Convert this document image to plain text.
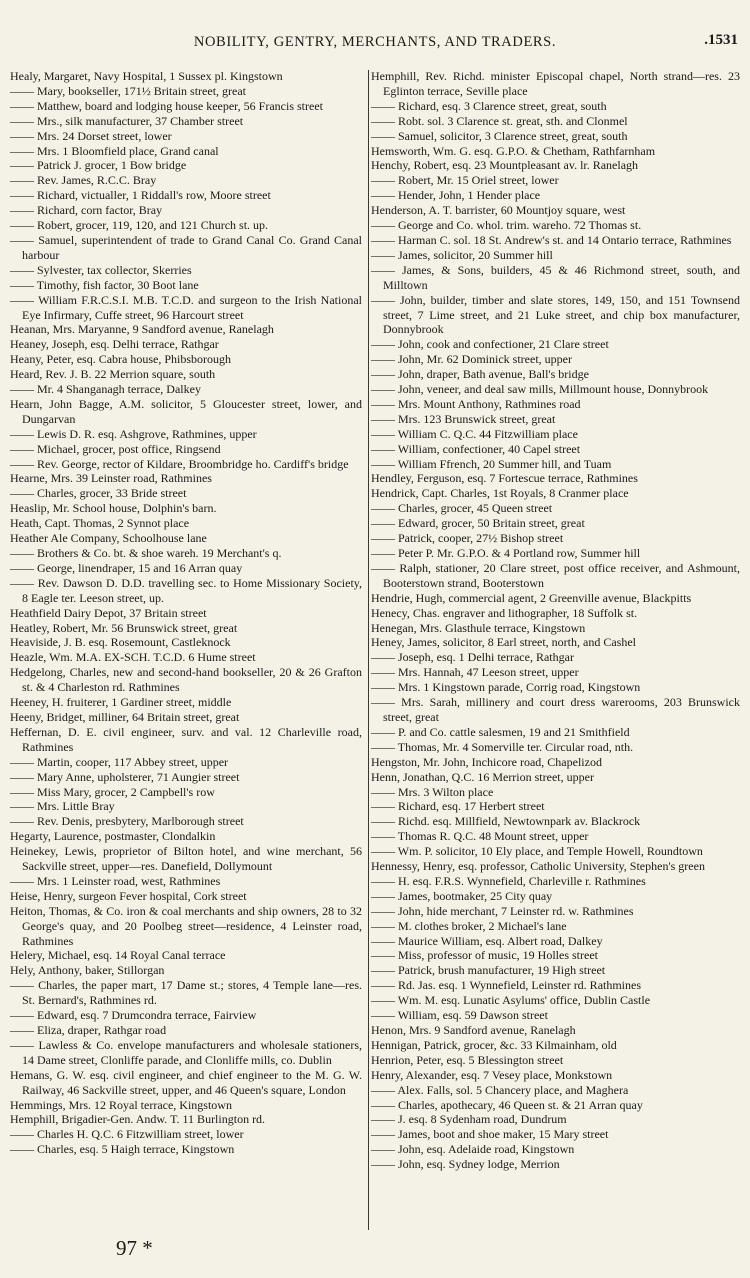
NOBILITY, GENTRY, MERCHANTS, AND TRADERS.	.1531

Healy, Margaret, Navy Hospital, 1 Sussex pl. Kingstown

—— Mary, bookseller, 171½ Britain street, great

—— Matthew, board and lodging house keeper, 56 Francis street

—— Mrs., silk manufacturer, 37 Chamber street

—— Mrs. 24 Dorset street, lower

—— Mrs. 1 Bloomfield place, Grand canal

—— Patrick J. grocer, 1 Bow bridge

—— Rev. James, R.C.C. Bray

—— Richard, victualler, 1 Riddall's row, Moore street

—— Richard, corn factor, Bray

—— Robert, grocer, 119, 120, and 121 Church st. up.

—— Samuel, superintendent of trade to Grand Canal Co. Grand Canal harbour

—— Sylvester, tax collector, Skerries

—— Timothy, fish factor, 30 Boot lane

—— William F.R.C.S.I. M.B. T.C.D. and surgeon to the Irish National Eye Infirmary, Cuffe street, 96 Harcourt street

Heanan, Mrs. Maryanne, 9 Sandford avenue, Ranelagh

Heaney, Joseph, esq. Delhi terrace, Rathgar

Heany, Peter, esq. Cabra house, Phibsborough

Heard, Rev. J. B. 22 Merrion square, south

—— Mr. 4 Shanganagh terrace, Dalkey

Hearn, John Bagge, A.M. solicitor, 5 Gloucester street, lower, and Dungarvan

—— Lewis D. R. esq. Ashgrove, Rathmines, upper

—— Michael, grocer, post office, Ringsend

—— Rev. George, rector of Kildare, Broombridge ho. Cardiff's bridge

Hearne, Mrs. 39 Leinster road, Rathmines

—— Charles, grocer, 33 Bride street

Heaslip, Mr. School house, Dolphin's barn.

Heath, Capt. Thomas, 2 Synnot place

Heather Ale Company, Schoolhouse lane

—— Brothers & Co. bt. & shoe wareh. 19 Merchant's q.

—— George, linendraper, 15 and 16 Arran quay

—— Rev. Dawson D. D.D. travelling sec. to Home Missionary Society, 8 Eagle ter. Leeson street, up.

Heathfield Dairy Depot, 37 Britain street

Heatley, Robert, Mr. 56 Brunswick street, great

Heaviside, J. B. esq. Rosemount, Castleknock

Heazle, Wm. M.A. EX-SCH. T.C.D. 6 Hume street

Hedgelong, Charles, new and second-hand bookseller, 20 & 26 Grafton st. & 4 Charleston rd. Rathmines

Heeney, H. fruiterer, 1 Gardiner street, middle

Heeny, Bridget, milliner, 64 Britain street, great

Heffernan, D. E. civil engineer, surv. and val. 12 Charleville road, Rathmines

—— Martin, cooper, 117 Abbey street, upper

—— Mary Anne, upholsterer, 71 Aungier street

—— Miss Mary, grocer, 2 Campbell's row

—— Mrs. Little Bray

—— Rev. Denis, presbytery, Marlborough street

Hegarty, Laurence, postmaster, Clondalkin

Heinekey, Lewis, proprietor of Bilton hotel, and wine merchant, 56 Sackville street, upper—res. Danefield, Dollymount

—— Mrs. 1 Leinster road, west, Rathmines

Heise, Henry, surgeon Fever hospital, Cork street

Heiton, Thomas, & Co. iron & coal merchants and ship owners, 28 to 32 George's quay, and 20 Poolbeg street—residence, 4 Leinster road, Rathmines

Helery, Michael, esq. 14 Royal Canal terrace

Hely, Anthony, baker, Stillorgan

—— Charles, the paper mart, 17 Dame st.; stores, 4 Temple lane—res. St. Bernard's, Rathmines rd.

—— Edward, esq. 7 Drumcondra terrace, Fairview

—— Eliza, draper, Rathgar road

—— Lawless & Co. envelope manufacturers and wholesale stationers, 14 Dame street, Clonliffe parade, and Clonliffe mills, co. Dublin

Hemans, G. W. esq. civil engineer, and chief engineer to the M. G. W. Railway, 46 Sackville street, upper, and 46 Queen's square, London

Hemmings, Mrs. 12 Royal terrace, Kingstown

Hemphill, Brigadier-Gen. Andw. T. 11 Burlington rd.

—— Charles H. Q.C. 6 Fitzwilliam street, lower

—— Charles, esq. 5 Haigh terrace, Kingstown

Hemphill, Rev. Richd. minister Episcopal chapel, North strand—res. 23 Eglinton terrace, Seville place

—— Richard, esq. 3 Clarence street, great, south

—— Robt. sol. 3 Clarence st. great, sth. and Clonmel

—— Samuel, solicitor, 3 Clarence street, great, south

Hemsworth, Wm. G. esq. G.P.O. & Chetham, Rathfarnham

Henchy, Robert, esq. 23 Mountpleasant av. lr. Ranelagh

—— Robert, Mr. 15 Oriel street, lower

—— Hender, John, 1 Hender place

Henderson, A. T. barrister, 60 Mountjoy square, west

—— George and Co. whol. trim. wareho. 72 Thomas st.

—— Harman C. sol. 18 St. Andrew's st. and 14 Ontario terrace, Rathmines

—— James, solicitor, 20 Summer hill

—— James, & Sons, builders, 45 & 46 Richmond street, south, and Milltown

—— John, builder, timber and slate stores, 149, 150, and 151 Townsend street, 7 Lime street, and 21 Luke street, and chip box manufacturer, Donnybrook

—— John, cook and confectioner, 21 Clare street

—— John, Mr. 62 Dominick street, upper

—— John, draper, Bath avenue, Ball's bridge

—— John, veneer, and deal saw mills, Millmount house, Donnybrook

—— Mrs. Mount Anthony, Rathmines road

—— Mrs. 123 Brunswick street, great

—— William C. Q.C. 44 Fitzwilliam place

—— William, confectioner, 40 Capel street

—— William Ffrench, 20 Summer hill, and Tuam

Hendley, Ferguson, esq. 7 Fortescue terrace, Rathmines

Hendrick, Capt. Charles, 1st Royals, 8 Cranmer place

—— Charles, grocer, 45 Queen street

—— Edward, grocer, 50 Britain street, great

—— Patrick, cooper, 27½ Bishop street

—— Peter P. Mr. G.P.O. & 4 Portland row, Summer hill

—— Ralph, stationer, 20 Clare street, post office receiver, and Ashmount, Booterstown strand, Booterstown

Hendrie, Hugh, commercial agent, 2 Greenville avenue, Blackpitts

Henecy, Chas. engraver and lithographer, 18 Suffolk st.

Henegan, Mrs. Glasthule terrace, Kingstown

Heney, James, solicitor, 8 Earl street, north, and Cashel

—— Joseph, esq. 1 Delhi terrace, Rathgar

—— Mrs. Hannah, 47 Leeson street, upper

—— Mrs. 1 Kingstown parade, Corrig road, Kingstown

—— Mrs. Sarah, millinery and court dress warerooms, 203 Brunswick street, great

—— P. and Co. cattle salesmen, 19 and 21 Smithfield

—— Thomas, Mr. 4 Somerville ter. Circular road, nth.

Hengston, Mr. John, Inchicore road, Chapelizod

Henn, Jonathan, Q.C. 16 Merrion street, upper

—— Mrs. 3 Wilton place

—— Richard, esq. 17 Herbert street

—— Richd. esq. Millfield, Newtownpark av. Blackrock

—— Thomas R. Q.C. 48 Mount street, upper

—— Wm. P. solicitor, 10 Ely place, and Temple Howell, Roundtown

Hennessy, Henry, esq. professor, Catholic University, Stephen's green

—— H. esq. F.R.S. Wynnefield, Charleville r. Rathmines

—— James, bootmaker, 25 City quay

—— John, hide merchant, 7 Leinster rd. w. Rathmines

—— M. clothes broker, 2 Michael's lane

—— Maurice William, esq. Albert road, Dalkey

—— Miss, professor of music, 19 Holles street

—— Patrick, brush manufacturer, 19 High street

—— Rd. Jas. esq. 1 Wynnefield, Leinster rd. Rathmines

—— Wm. M. esq. Lunatic Asylums' office, Dublin Castle

—— William, esq. 59 Dawson street

Henon, Mrs. 9 Sandford avenue, Ranelagh

Hennigan, Patrick, grocer, &c. 33 Kilmainham, old

Henrion, Peter, esq. 5 Blessington street

Henry, Alexander, esq. 7 Vesey place, Monkstown

—— Alex. Falls, sol. 5 Chancery place, and Maghera

—— Charles, apothecary, 46 Queen st. & 21 Arran quay

—— J. esq. 8 Sydenham road, Dundrum

—— James, boot and shoe maker, 15 Mary street

—— John, esq. Adelaide road, Kingstown

—— John, esq. Sydney lodge, Merrion

97 *
